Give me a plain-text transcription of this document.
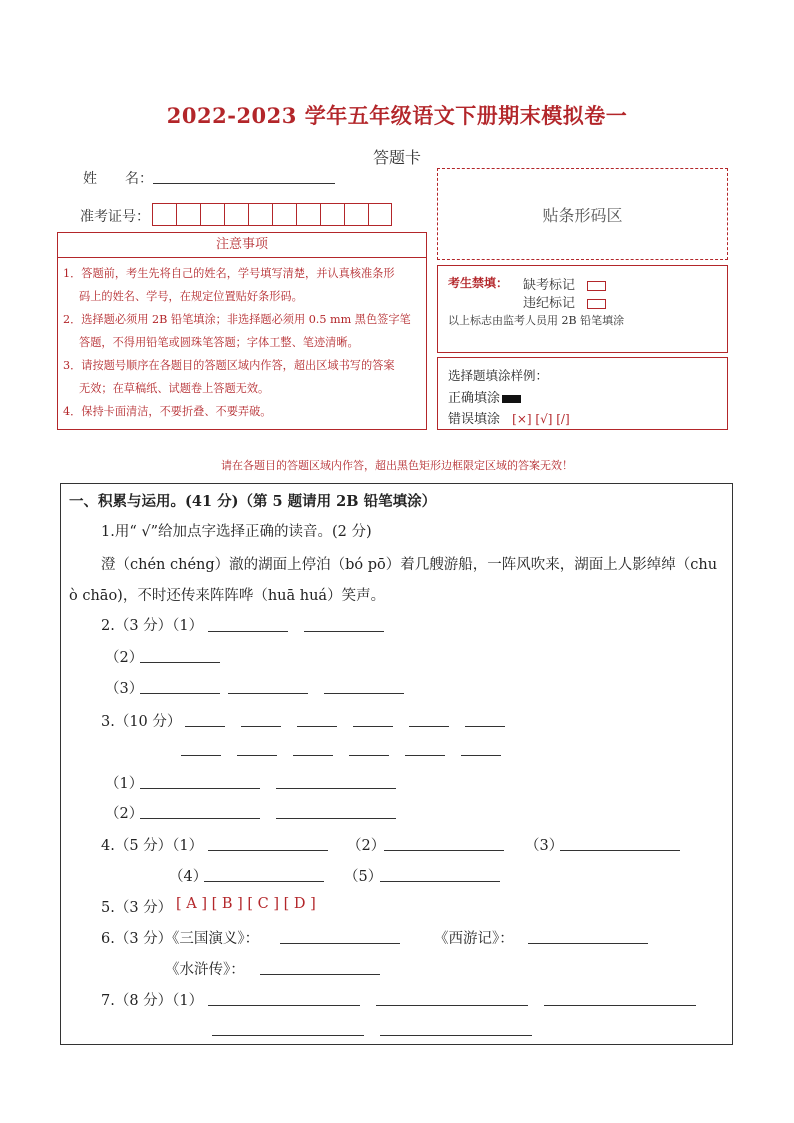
2022-2023 学年五年级语文下册期末模拟卷一
答题卡
姓　　名：
准考证号：	贴条形码区
注意事项
1．答题前，考生先将自己的姓名，学号填写清楚，并认真核准条形
码上的姓名、学号，在规定位置贴好条形码。
2．选择题必须用 2B 铅笔填涂；非选择题必须用 0.5 mm 黑色签字笔
答题，不得用铅笔或圆珠笔答题；字体工整、笔迹清晰。
3．请按题号顺序在各题目的答题区域内作答，超出区域书写的答案
无效；在草稿纸、试题卷上答题无效。
4．保持卡面清洁，不要折叠、不要弄破。
考生禁填： 缺考标记
违纪标记
以上标志由监考人员用 2B 铅笔填涂
选择题填涂样例：
正确填涂
错误填涂 [×] [√] [/]
请在各题目的答题区域内作答，超出黑色矩形边框限定区域的答案无效！
一、积累与运用。(41 分)（第 5 题请用 2B 铅笔填涂）
1.用“ √”给加点字选择正确的读音。(2 分)
澄（chén chéng）澈的湖面上停泊（bó pō）着几艘游船，一阵风吹来，湖面上人影绰绰（chu
ò chāo)，不时还传来阵阵哗（huā huá）笑声。
2.（3 分）（1）
（2）
（3）
3.（10 分）
（1）
（2）
4.（5 分）（1）	（2）	（3）
（4）	（5）
5.（3 分） [ A ] [ B ] [ C ] [ D ]
6.（3 分）《三国演义》：	《西游记》：
《水浒传》：
7.（8 分）（1）
